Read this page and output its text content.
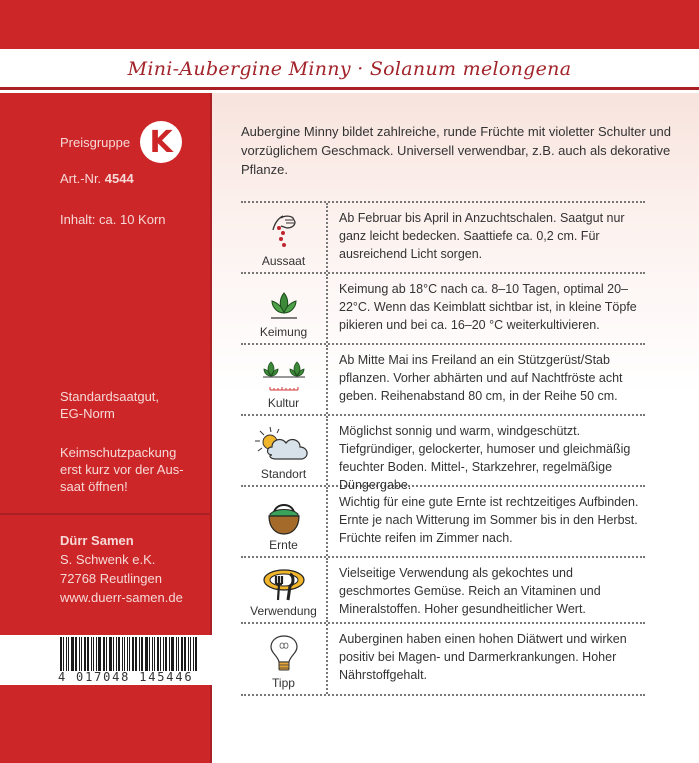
Mini-Aubergine Minny · Solanum melongena
Preisgruppe K
Art.-Nr. 4544
Inhalt: ca. 10 Korn
Standardsaatgut,
EG-Norm
Keimschutzpackung
erst kurz vor der Aus-
saat öffnen!
Dürr Samen
S. Schwenk e.K.
72768 Reutlingen
www.duerr-samen.de
4 017048 145446

Aubergine Minny bildet zahlreiche, runde Früchte mit violetter Schulter und vorzüglichem Geschmack. Universell verwendbar, z.B. auch als dekorative Pflanze.

Aussaat
Ab Februar bis April in Anzuchtschalen. Saatgut nur ganz leicht bedecken. Saattiefe ca. 0,2 cm. Für ausreichend Licht sorgen.
Keimung
Keimung ab 18°C nach ca. 8–10 Tagen, optimal 20–22°C. Wenn das Keimblatt sichtbar ist, in kleine Töpfe pikieren und bei ca. 16–20 °C weiterkultivieren.
Kultur
Ab Mitte Mai ins Freiland an ein Stützgerüst/Stab pflanzen. Vorher abhärten und auf Nachtfröste acht geben. Reihenabstand 80 cm, in der Reihe 50 cm.
Standort
Möglichst sonnig und warm, windgeschützt. Tiefgründiger, gelockerter, humoser und gleichmäßig feuchter Boden. Mittel-, Starkzehrer, regelmäßige Düngergabe.
Ernte
Wichtig für eine gute Ernte ist rechtzeitiges Aufbinden. Ernte je nach Witterung im Sommer bis in den Herbst. Früchte reifen im Zimmer nach.
Verwendung
Vielseitige Verwendung als gekochtes und geschmortes Gemüse. Reich an Vitaminen und Mineralstoffen. Hoher gesundheitlicher Wert.
Tipp
Auberginen haben einen hohen Diätwert und wirken positiv bei Magen- und Darmerkrankungen. Hoher Nährstoffgehalt.
